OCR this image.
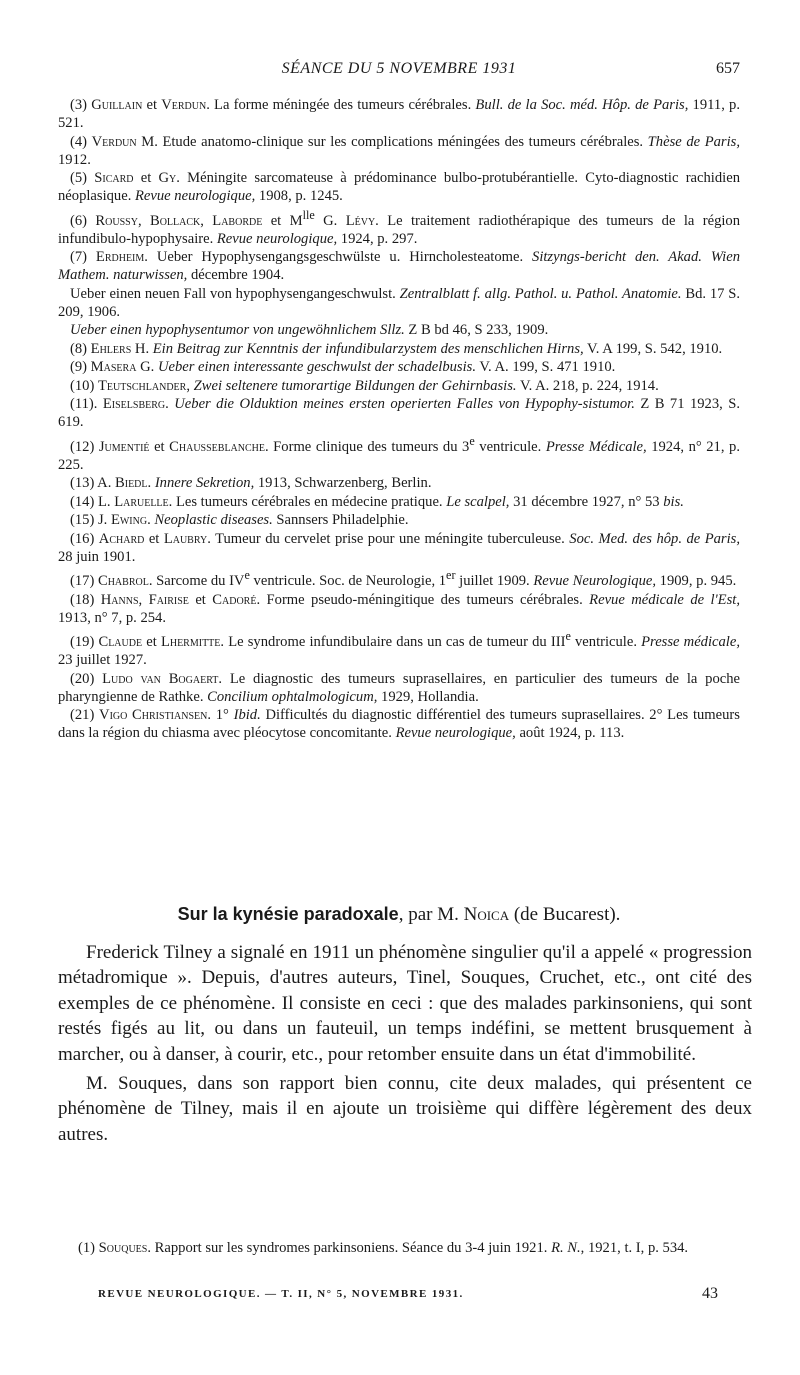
SÉANCE DU 5 NOVEMBRE 1931	657

(3) Guillain et Verdun. La forme méningée des tumeurs cérébrales. Bull. de la Soc. méd. Hôp. de Paris, 1911, p. 521.

(4) Verdun M. Etude anatomo-clinique sur les complications méningées des tumeurs cérébrales. Thèse de Paris, 1912.

(5) Sicard et Gy. Méningite sarcomateuse à prédominance bulbo-protubérantielle. Cyto-diagnostic rachidien néoplasique. Revue neurologique, 1908, p. 1245.

(6) Roussy, Bollack, Laborde et $M^{lle}$ G. Lévy. Le traitement radiothérapique des tumeurs de la région infundibulo-hypophysaire. Revue neurologique, 1924, p. 297.

(7) Erdheim. Ueber Hypophysengangsgeschwülste u. Hirncholesteatome. Sitzyngs-bericht den. Akad. Wien Mathem. naturwissen, décembre 1904.

Ueber einen neuen Fall von hypophysengangeschwulst. Zentralblatt f. allg. Pathol. u. Pathol. Anatomie. Bd. 17 S. 209, 1906.

Ueber einen hypophysentumor von ungewöhnlichem Sllz. Z B bd 46, S 233, 1909.

(8) Ehlers H. Ein Beitrag zur Kenntnis der infundibularzystem des menschlichen Hirns, V. A 199, S. 542, 1910.

(9) Masera G. Ueber einen interessante geschwulst der schadelbusis. V. A. 199, S. 471 1910.

(10) Teutschlander, Zwei seltenere tumorartige Bildungen der Gehirnbasis. V. A. 218, p. 224, 1914.

(11). Eiselsberg. Ueber die Olduktion meines ersten operierten Falles von Hypophy-sistumor. Z B 71 1923, S. 619.

(12) Jumentié et Chausseblanche. Forme clinique des tumeurs du 3e ventricule. Presse Médicale, 1924, n° 21, p. 225.

(13) A. Biedl. Innere Sekretion, 1913, Schwarzenberg, Berlin.

(14) L. Laruelle. Les tumeurs cérébrales en médecine pratique. Le scalpel, 31 décembre 1927, n° 53 bis.

(15) J. Ewing. Neoplastic diseases. Sannsers Philadelphie.

(16) Achard et Laubry. Tumeur du cervelet prise pour une méningite tuberculeuse. Soc. Med. des hôp. de Paris, 28 juin 1901.

(17) Chabrol. Sarcome du IVe ventricule. Soc. de Neurologie, 1er juillet 1909. Revue Neurologique, 1909, p. 945.

(18) Hanns, Fairise et Cadoré. Forme pseudo-méningitique des tumeurs cérébrales. Revue médicale de l'Est, 1913, n° 7, p. 254.

(19) Claude et Lhermitte. Le syndrome infundibulaire dans un cas de tumeur du IIIe ventricule. Presse médicale, 23 juillet 1927.

(20) Ludo van Bogaert. Le diagnostic des tumeurs suprasellaires, en particulier des tumeurs de la poche pharyngienne de Rathke. Concilium ophtalmologicum, 1929, Hollandia.

(21) Vigo Christiansen. 1° Ibid. Difficultés du diagnostic différentiel des tumeurs suprasellaires. 2° Les tumeurs dans la région du chiasma avec pléocytose concomitante. Revue neurologique, août 1924, p. 113.

Sur la kynésie paradoxale, par M. Noica (de Bucarest).

Frederick Tilney a signalé en 1911 un phénomène singulier qu'il a appelé « progression métadromique ». Depuis, d'autres auteurs, Tinel, Souques, Cruchet, etc., ont cité des exemples de ce phénomène. Il consiste en ceci : que des malades parkinsoniens, qui sont restés figés au lit, ou dans un fauteuil, un temps indéfini, se mettent brusquement à marcher, ou à danser, à courir, etc., pour retomber ensuite dans un état d'immobilité.

M. Souques, dans son rapport bien connu, cite deux malades, qui présentent ce phénomène de Tilney, mais il en ajoute un troisième qui diffère légèrement des deux autres.

(1) Souques. Rapport sur les syndromes parkinsoniens. Séance du 3-4 juin 1921. R. N., 1921, t. I, p. 534.
REVUE NEUROLOGIQUE. — T. II, N° 5, NOVEMBRE 1931.	43
